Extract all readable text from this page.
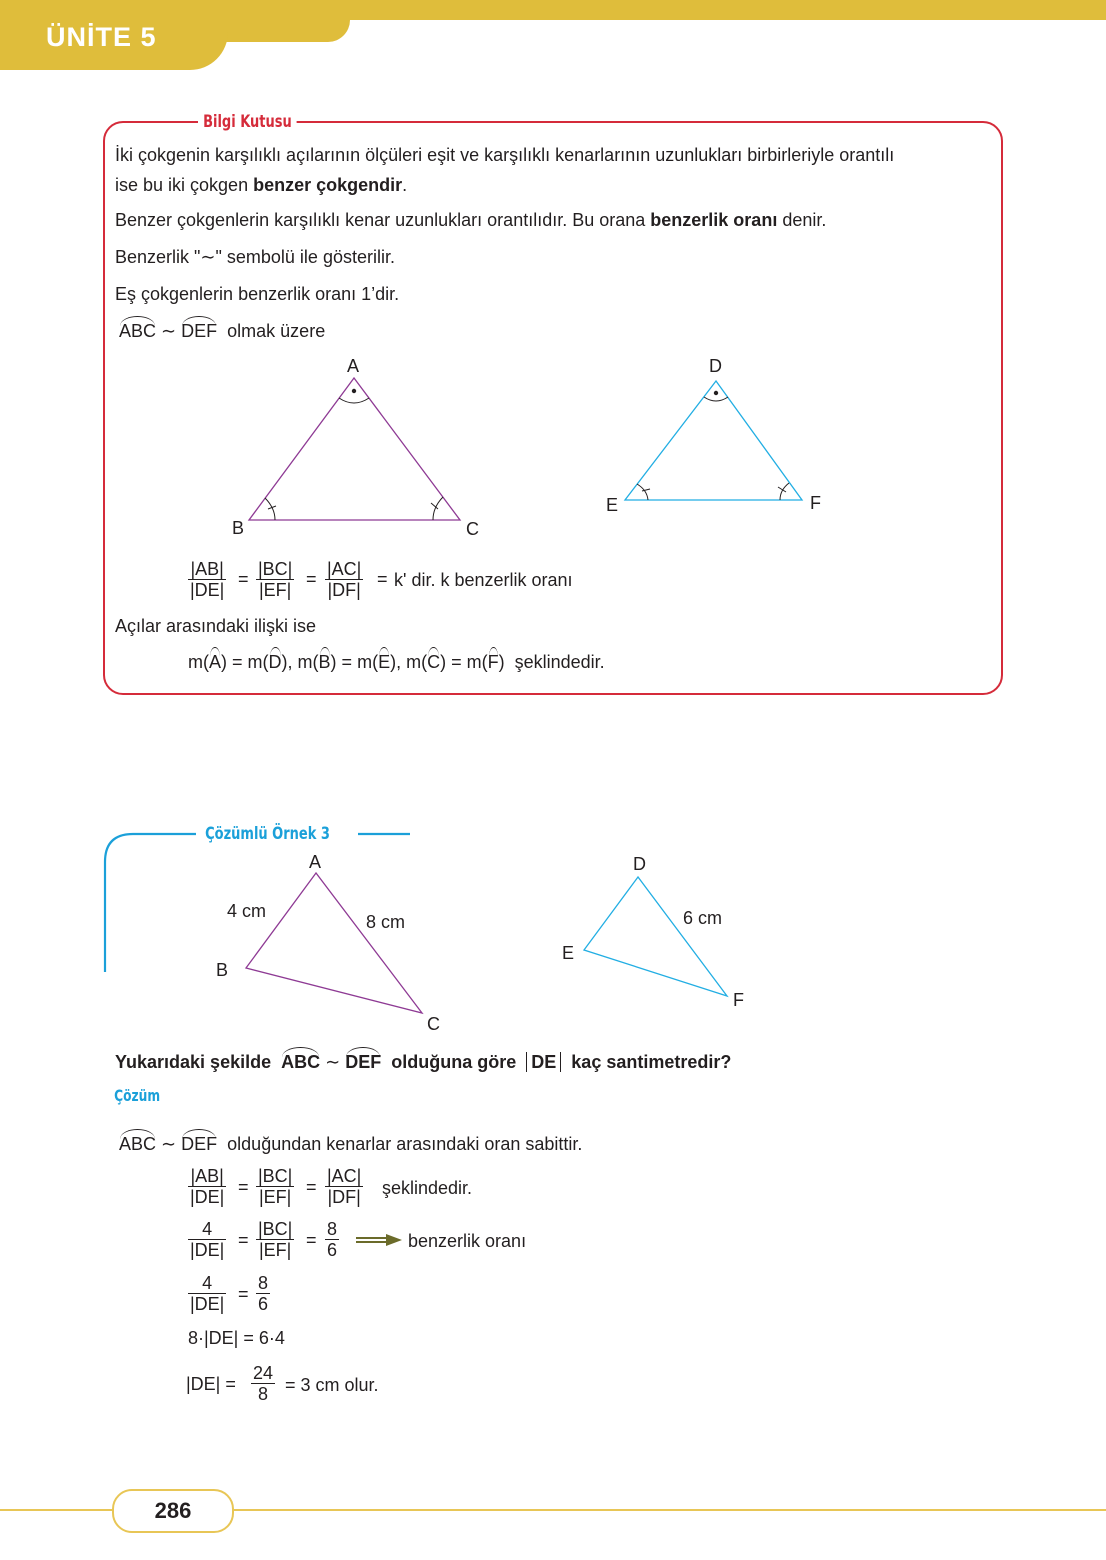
ÜNİTE 5
Bilgi Kutusu
İki çokgenin karşılıklı açılarının ölçüleri eşit ve karşılıklı kenarlarının uzunlukları birbirleriyle orantılı
ise bu iki çokgen benzer çokgendir.
Benzer çokgenlerin karşılıklı kenar uzunlukları orantılıdır. Bu orana benzerlik oranı denir.
Benzerlik "∼" sembolü ile gösterilir.
Eş çokgenlerin benzerlik oranı 1’dir.
ABC ∼ DEF olmak üzere
A
B	C
D
E	F
$\frac{|AB|}{|DE|} = \frac{|BC|}{|EF|} = \frac{|AC|}{|DF|} = k'$ dir. k benzerlik oranı
Açılar arasındaki ilişki ise
m(A) = m(D), m(B) = m(E), m(C) = m(F)  şeklindedir.
Çözümlü Örnek 3
A
B
C
4 cm
8 cm
D
E
F
6 cm
Yukarıdaki şekilde ABC ∼ DEF olduğuna göre DE kaç santimetredir?
Çözüm
ABC ∼ DEF olduğundan kenarlar arasındaki oran sabittir.
$\frac{|AB|}{|DE|} = \frac{|BC|}{|EF|} = \frac{|AC|}{|DF|}$ şeklindedir.
$\frac{4}{|DE|} = \frac{|BC|}{|EF|} = \frac{8}{6}$	benzerlik oranı
$\frac{4}{|DE|} = \frac{8}{6}$
8·|DE| = 6·4
$|DE| = \frac{24}{8} = 3$ cm olur.
286
